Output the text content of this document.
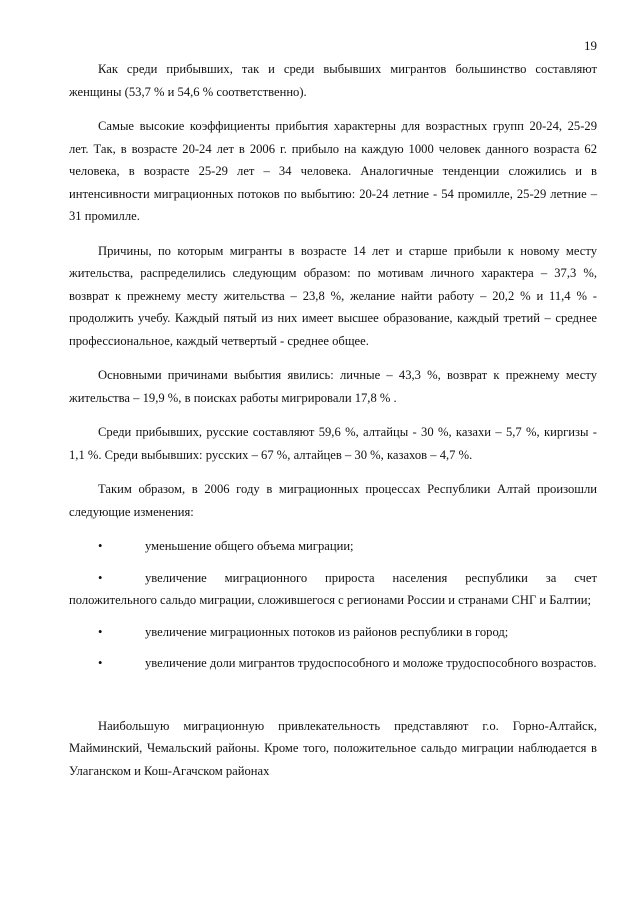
19

Как среди прибывших, так и среди выбывших мигрантов большинство составляют женщины (53,7 % и 54,6 % соответственно).

Самые высокие коэффициенты прибытия характерны для возрастных групп 20-24, 25-29 лет. Так, в возрасте 20-24 лет в 2006 г. прибыло на каждую 1000 человек данного возраста 62 человека, в возрасте 25-29 лет – 34 человека. Аналогичные тенденции сложились и в интенсивности миграционных потоков по выбытию: 20-24 летние - 54 промилле, 25-29 летние – 31 промилле.

Причины, по которым мигранты в возрасте 14 лет и старше прибыли к новому месту жительства, распределились следующим образом: по мотивам личного характера – 37,3 %, возврат к прежнему месту жительства – 23,8 %, желание найти работу – 20,2 % и 11,4 % - продолжить учебу. Каждый пятый из них имеет высшее образование, каждый третий – среднее профессиональное, каждый четвертый - среднее общее.

Основными причинами выбытия явились: личные – 43,3 %, возврат к прежнему месту жительства – 19,9 %, в поисках работы мигрировали 17,8 % .

Среди прибывших, русские составляют 59,6 %, алтайцы - 30 %, казахи – 5,7 %, киргизы - 1,1 %. Среди выбывших: русских – 67 %, алтайцев – 30 %, казахов – 4,7 %.

Таким образом, в 2006 году в миграционных процессах Республики Алтай произошли следующие изменения:

•уменьшение общего объема миграции;
•увеличение миграционного прироста населения республики за счет положительного сальдо миграции, сложившегося с регионами России и странами СНГ и Балтии;
•увеличение миграционных потоков из районов республики в город;
•увеличение доли мигрантов трудоспособного и моложе трудоспособного возрастов.

Наибольшую миграционную привлекательность представляют г.о. Горно-Алтайск, Майминский, Чемальский районы. Кроме того, положительное сальдо миграции наблюдается в Улаганском и Кош-Агачском районах
